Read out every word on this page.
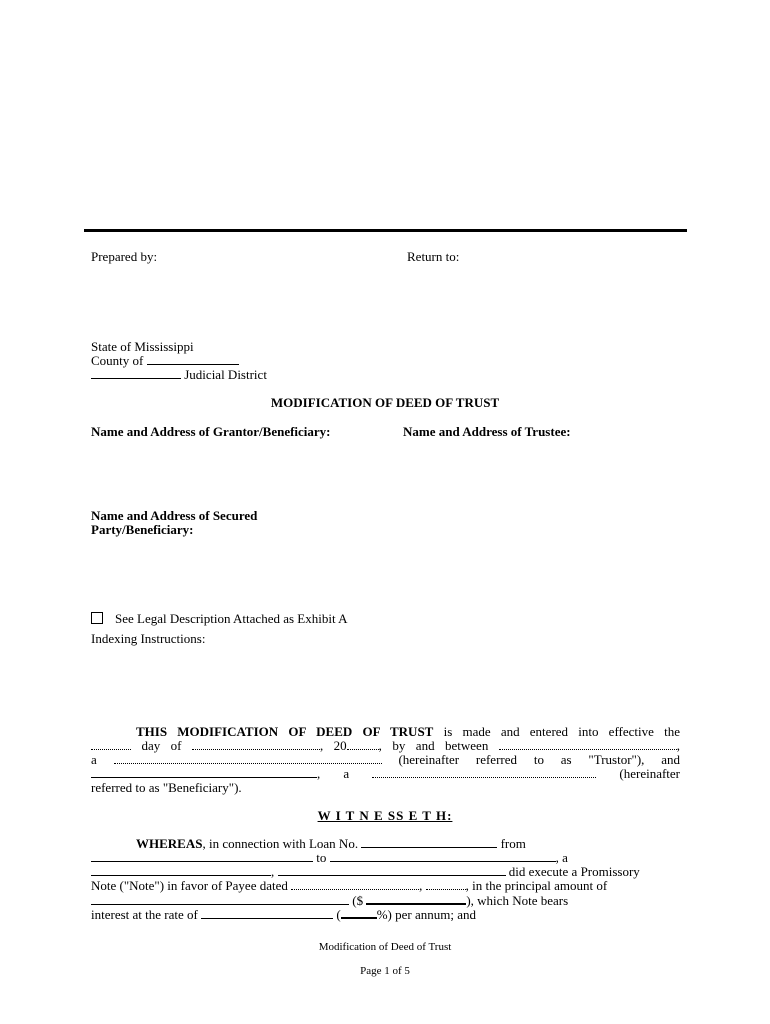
Prepared by:	Return to:
State of Mississippi
County of
Judicial District
MODIFICATION OF DEED OF TRUST
Name and Address of Grantor/Beneficiary:	Name and Address of Trustee:
Name and Address of Secured
Party/Beneficiary:
See Legal Description Attached as Exhibit A
Indexing Instructions:
THIS MODIFICATION OF DEED OF TRUST is made and entered into effective the
day of	, 20 , by and between	,
a	(hereinafter referred to as "Trustor"), and
, a	(hereinafter
referred to as "Beneficiary").
W I T N E SS E T H:
WHEREAS, in connection with Loan No.	from
to	, a
,	did execute a Promissory
Note ("Note") in favor of Payee dated	,	, in the principal amount of
($	), which Note bears
interest at the rate of	(	%) per annum; and
Modification of Deed of Trust
Page 1 of 5
